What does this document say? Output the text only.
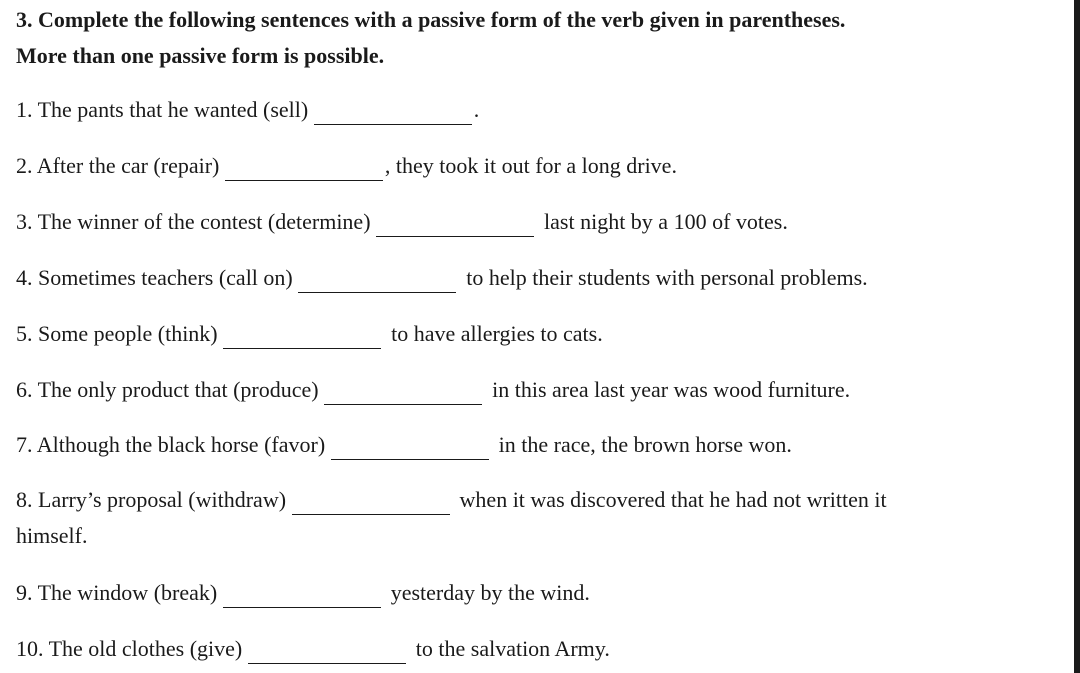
3. Complete the following sentences with a passive form of the verb given in parentheses.
More than one passive form is possible.
1. The pants that he wanted (sell)	.
2. After the car (repair)	, they took it out for a long drive.
3. The winner of the contest (determine)	last night by a 100 of votes.
4. Sometimes teachers (call on)	to help their students with personal problems.
5. Some people (think)	to have allergies to cats.
6. The only product that (produce)	in this area last year was wood furniture.
7. Although the black horse (favor)	in the race, the brown horse won.
8. Larry’s proposal (withdraw)	when it was discovered that he had not written it
himself.
9. The window (break)	yesterday by the wind.
10. The old clothes (give)	to the salvation Army.
